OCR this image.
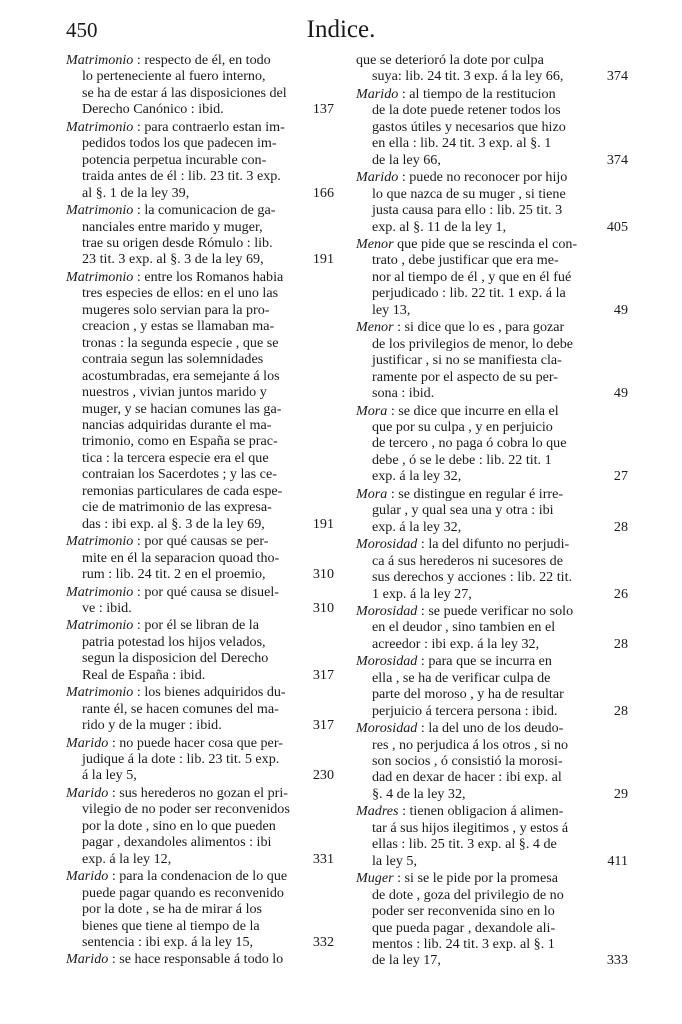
450	Indice.
Matrimonio : respecto de él, en todo
lo perteneciente al fuero interno,
se ha de estar á las disposiciones del
Derecho Canónico : ibid.	137
Matrimonio : para contraerlo estan im-
pedidos todos los que padecen im-
potencia perpetua incurable con-
traida antes de él : lib. 23 tit. 3 exp.
al §. 1 de la ley 39,	166
Matrimonio : la comunicacion de ga-
nanciales entre marido y muger,
trae su origen desde Rómulo : lib.
23 tit. 3 exp. al §. 3 de la ley 69,	191
Matrimonio : entre los Romanos habia
tres especies de ellos: en el uno las
mugeres solo servian para la pro-
creacion , y estas se llamaban ma-
tronas : la segunda especie , que se
contraia segun las solemnidades
acostumbradas, era semejante á los
nuestros , vivian juntos marido y
muger, y se hacian comunes las ga-
nancias adquiridas durante el ma-
trimonio, como en España se prac-
tica : la tercera especie era el que
contraian los Sacerdotes ; y las ce-
remonias particulares de cada espe-
cie de matrimonio de las expresa-
das : ibi exp. al §. 3 de la ley 69,	191
Matrimonio : por qué causas se per-
mite en él la separacion quoad tho-
rum : lib. 24 tit. 2 en el proemio,	310
Matrimonio : por qué causa se disuel-
ve : ibid.	310
Matrimonio : por él se libran de la
patria potestad los hijos velados,
segun la disposicion del Derecho
Real de España : ibid.	317
Matrimonio : los bienes adquiridos du-
rante él, se hacen comunes del ma-
rido y de la muger : ibid.	317
Marido : no puede hacer cosa que per-
judique á la dote : lib. 23 tit. 5 exp.
á la ley 5,	230
Marido : sus herederos no gozan el pri-
vilegio de no poder ser reconvenidos
por la dote , sino en lo que pueden
pagar , dexandoles alimentos : ibi
exp. á la ley 12,	331
Marido : para la condenacion de lo que
puede pagar quando es reconvenido
por la dote , se ha de mirar á los
bienes que tiene al tiempo de la
sentencia : ibi exp. á la ley 15,	332
Marido : se hace responsable á todo lo
que se deterioró la dote por culpa
suya: lib. 24 tit. 3 exp. á la ley 66,	374
Marido : al tiempo de la restitucion
de la dote puede retener todos los
gastos útiles y necesarios que hizo
en ella : lib. 24 tit. 3 exp. al §. 1
de la ley 66,	374
Marido : puede no reconocer por hijo
lo que nazca de su muger , si tiene
justa causa para ello : lib. 25 tit. 3
exp. al §. 11 de la ley 1,	405
Menor que pide que se rescinda el con-
trato , debe justificar que era me-
nor al tiempo de él , y que en él fué
perjudicado : lib. 22 tit. 1 exp. á la
ley 13,	49
Menor : si dice que lo es , para gozar
de los privilegios de menor, lo debe
justificar , si no se manifiesta cla-
ramente por el aspecto de su per-
sona : ibid.	49
Mora : se dice que incurre en ella el
que por su culpa , y en perjuicio
de tercero , no paga ó cobra lo que
debe , ó se le debe : lib. 22 tit. 1
exp. á la ley 32,	27
Mora : se distingue en regular é irre-
gular , y qual sea una y otra : ibi
exp. á la ley 32,	28
Morosidad : la del difunto no perjudi-
ca á sus herederos ni sucesores de
sus derechos y acciones : lib. 22 tit.
1 exp. á la ley 27,	26
Morosidad : se puede verificar no solo
en el deudor , sino tambien en el
acreedor : ibi exp. á la ley 32,	28
Morosidad : para que se incurra en
ella , se ha de verificar culpa de
parte del moroso , y ha de resultar
perjuicio á tercera persona : ibid.	28
Morosidad : la del uno de los deudo-
res , no perjudica á los otros , si no
son socios , ó consistió la morosi-
dad en dexar de hacer : ibi exp. al
§. 4 de la ley 32,	29
Madres : tienen obligacion á alimen-
tar á sus hijos ilegitimos , y estos á
ellas : lib. 25 tit. 3 exp. al §. 4 de
la ley 5,	411
Muger : si se le pide por la promesa
de dote , goza del privilegio de no
poder ser reconvenida sino en lo
que pueda pagar , dexandole ali-
mentos : lib. 24 tit. 3 exp. al §. 1
de la ley 17,	333
